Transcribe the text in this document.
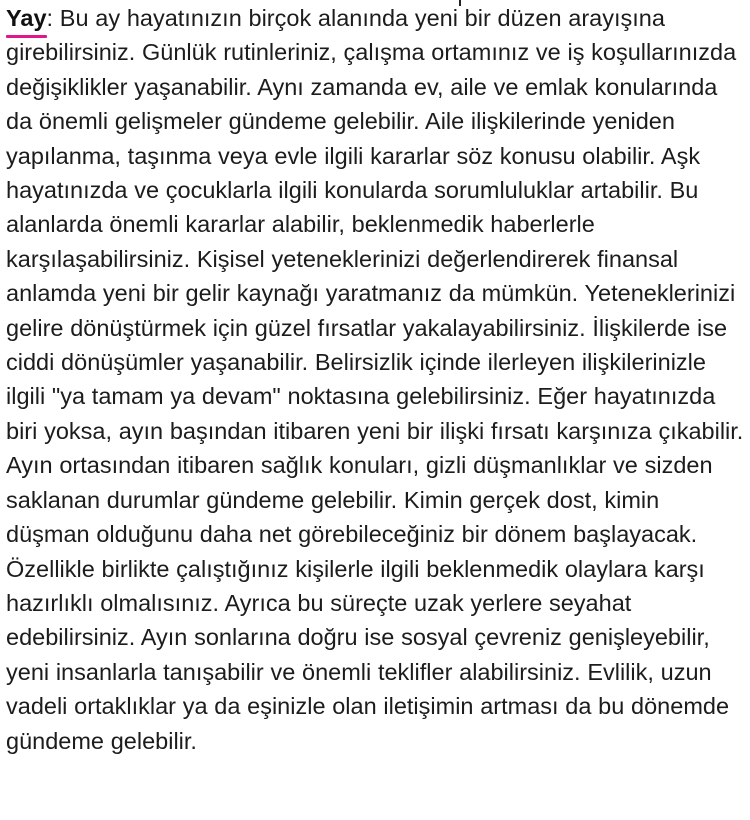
Yay
: Bu ay hayatınızın birçok alanında yeni bir düzen arayışına girebilirsiniz. Günlük rutinleriniz, çalışma ortamınız ve iş koşullarınızda değişiklikler yaşanabilir. Aynı zamanda ev, aile ve emlak konularında da önemli gelişmeler gündeme gelebilir. Aile ilişkilerinde yeniden yapılanma, taşınma veya evle ilgili kararlar söz konusu olabilir. Aşk hayatınızda ve çocuklarla ilgili konularda sorumluluklar artabilir. Bu alanlarda önemli kararlar alabilir, beklenmedik haberlerle karşılaşabilirsiniz. Kişisel yeteneklerinizi değerlendirerek finansal anlamda yeni bir gelir kaynağı yaratmanız da mümkün. Yeteneklerinizi gelire dönüştürmek için güzel fırsatlar yakalayabilirsiniz. İlişkilerde ise ciddi dönüşümler yaşanabilir. Belirsizlik içinde ilerleyen ilişkilerinizle ilgili "ya tamam ya devam" noktasına gelebilirsiniz. Eğer hayatınızda biri yoksa, ayın başından itibaren yeni bir ilişki fırsatı karşınıza çıkabilir. Ayın ortasından itibaren sağlık konuları, gizli düşmanlıklar ve sizden saklanan durumlar gündeme gelebilir. Kimin gerçek dost, kimin düşman olduğunu daha net görebileceğiniz bir dönem başlayacak. Özellikle birlikte çalıştığınız kişilerle ilgili beklenmedik olaylara karşı hazırlıklı olmalısınız. Ayrıca bu süreçte uzak yerlere seyahat edebilirsiniz. Ayın sonlarına doğru ise sosyal çevreniz genişleyebilir, yeni insanlarla tanışabilir ve önemli teklifler alabilirsiniz. Evlilik, uzun vadeli ortaklıklar ya da eşinizle olan iletişimin artması da bu dönemde gündeme gelebilir.
